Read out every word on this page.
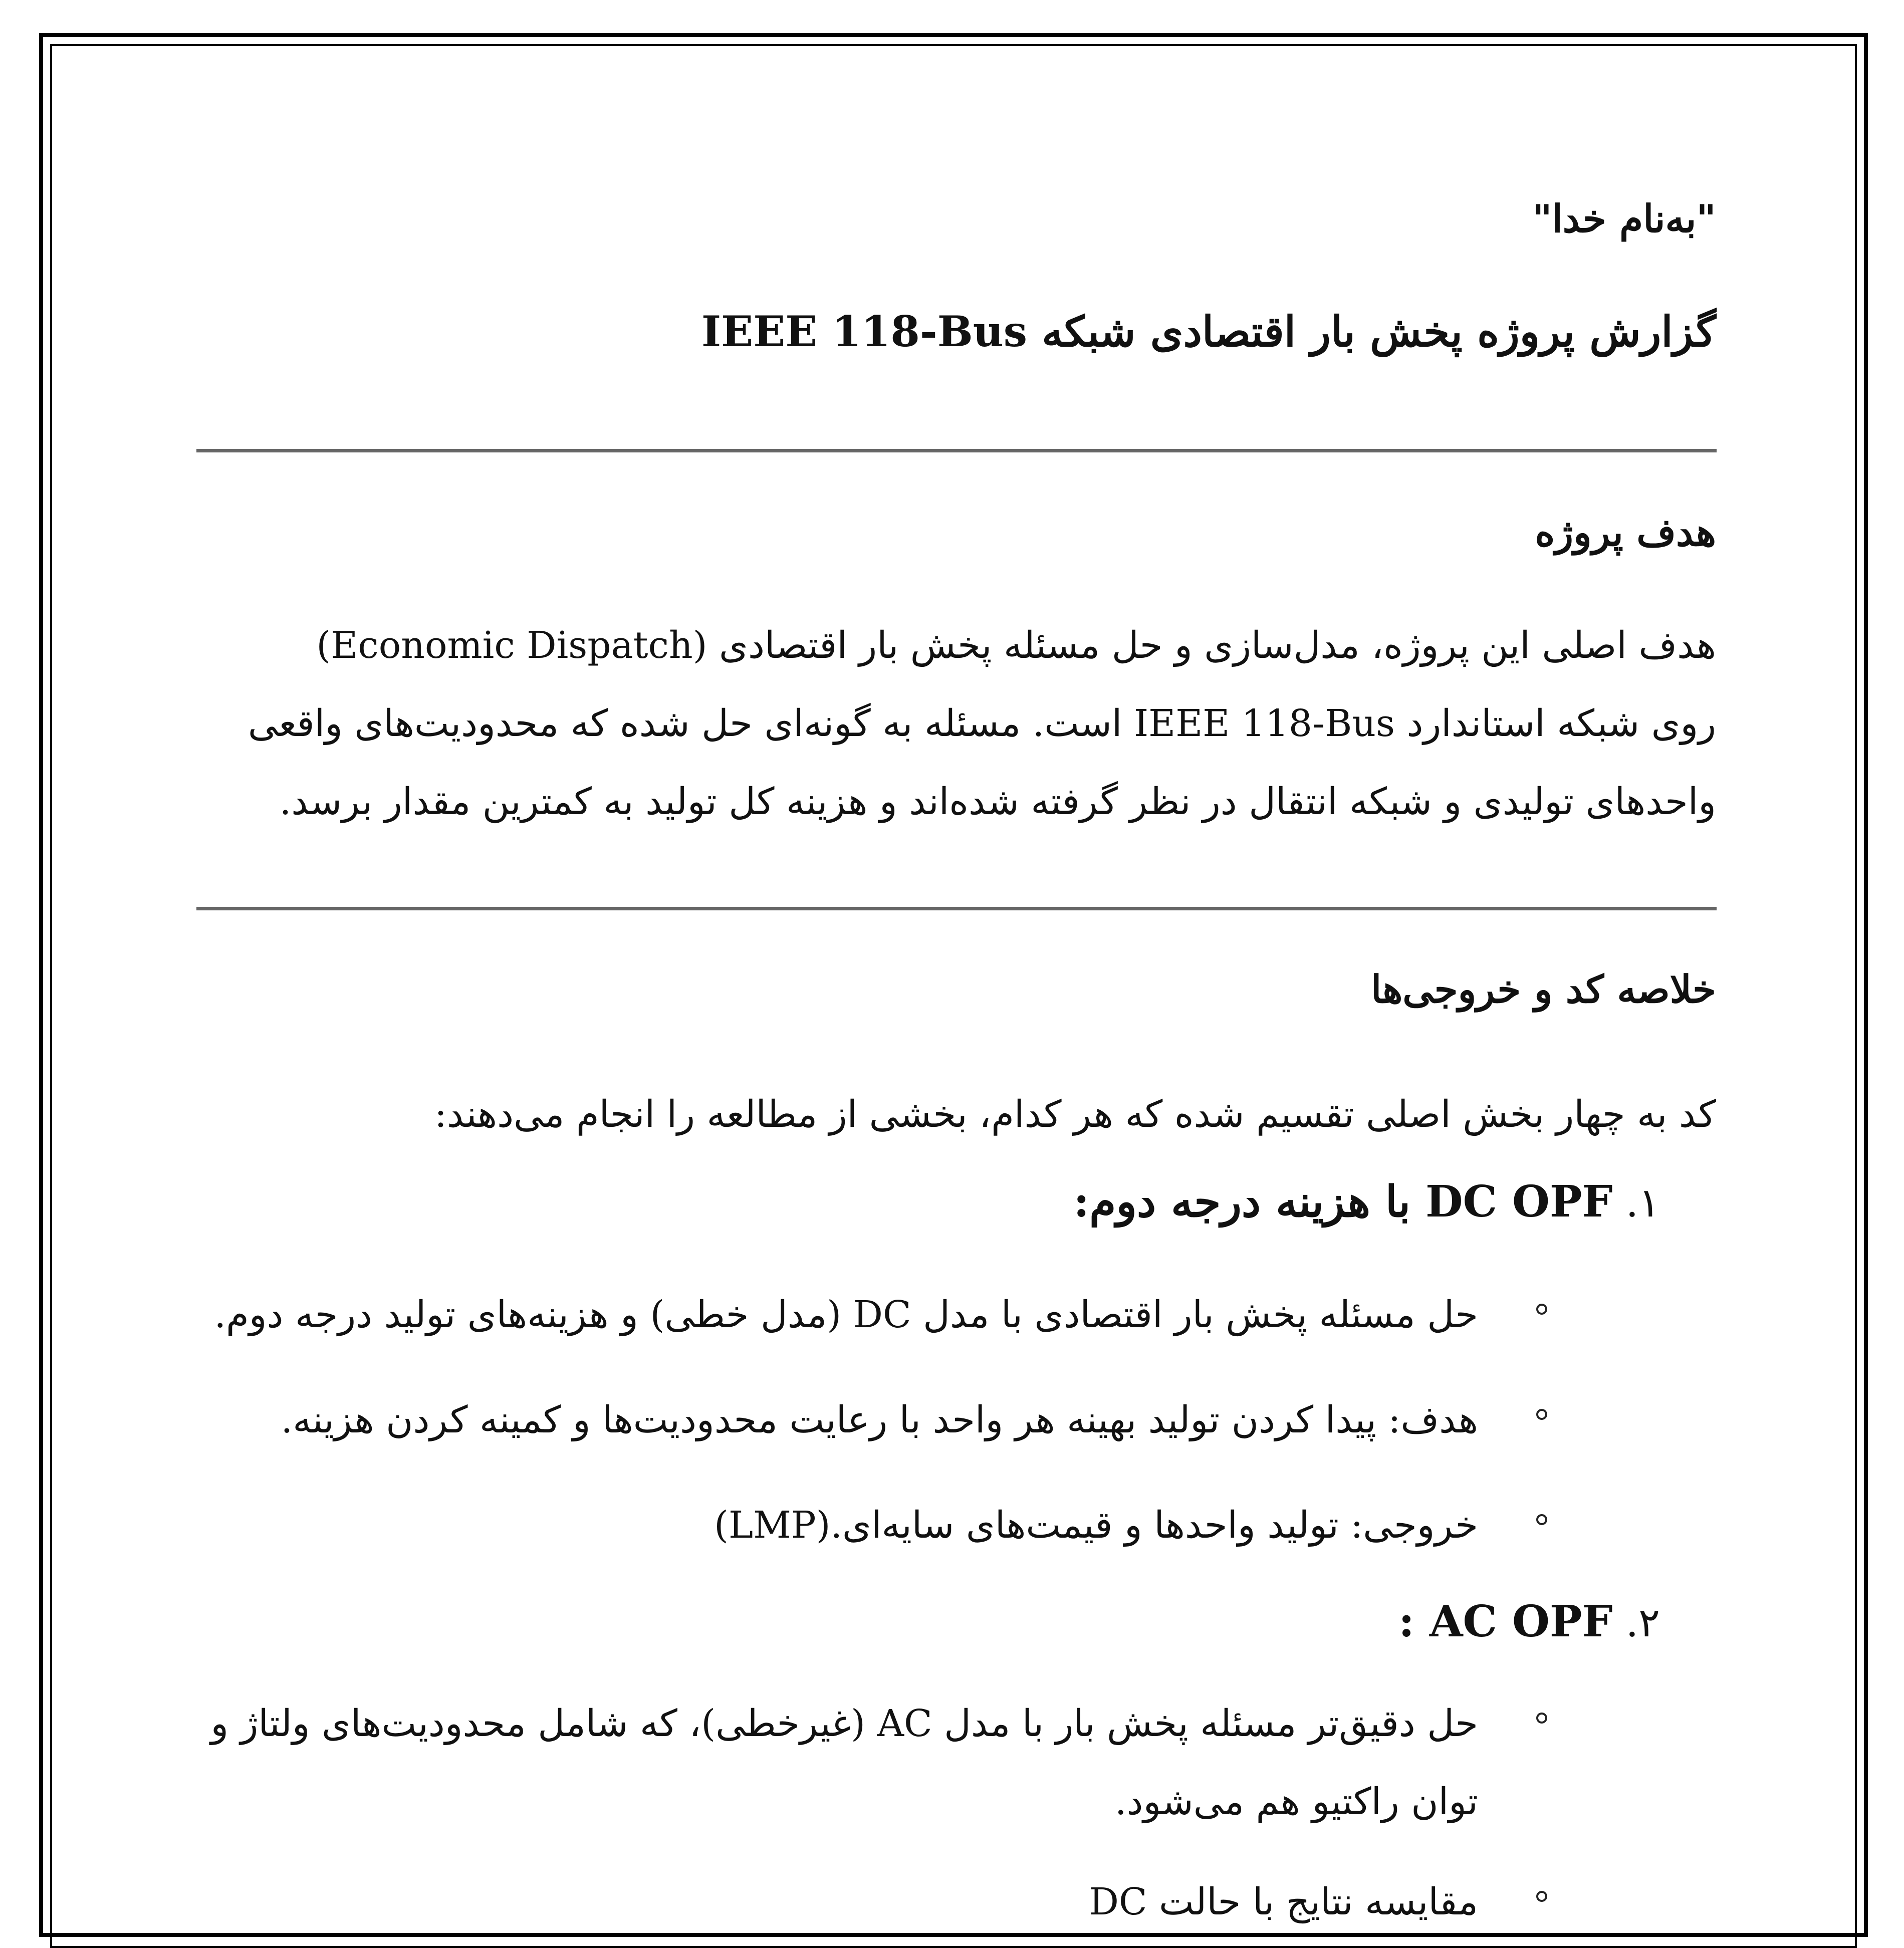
"به‌نام خدا"
گزارش پروژه پخش بار اقتصادی شبکه IEEE 118-Bus
هدف پروژه
هدف اصلی این پروژه، مدل‌سازی و حل مسئله پخش بار اقتصادی (Economic Dispatch) روی شبکه استاندارد IEEE 118-Bus است. مسئله به گونه‌ای حل شده که محدودیت‌های واقعی واحدهای تولیدی و شبکه انتقال در نظر گرفته شده‌اند و هزینه کل تولید به کمترین مقدار برسد.
خلاصه کد و خروجی‌ها
کد به چهار بخش اصلی تقسیم شده که هر کدام، بخشی از مطالعه را انجام می‌دهند:
۱.DC OPF با هزینه درجه دوم:
حل مسئله پخش بار اقتصادی با مدل DC (مدل خطی) و هزینه‌های تولید درجه دوم.
هدف: پیدا کردن تولید بهینه هر واحد با رعایت محدودیت‌ها و کمینه کردن هزینه.
خروجی: تولید واحدها و قیمت‌های سایه‌ای.(LMP)
۲.AC OPF :
حل دقیق‌تر مسئله پخش بار با مدل AC (غیرخطی)، که شامل محدودیت‌های ولتاژ و توان راکتیو هم می‌شود.
مقایسه نتایج با حالت DC
